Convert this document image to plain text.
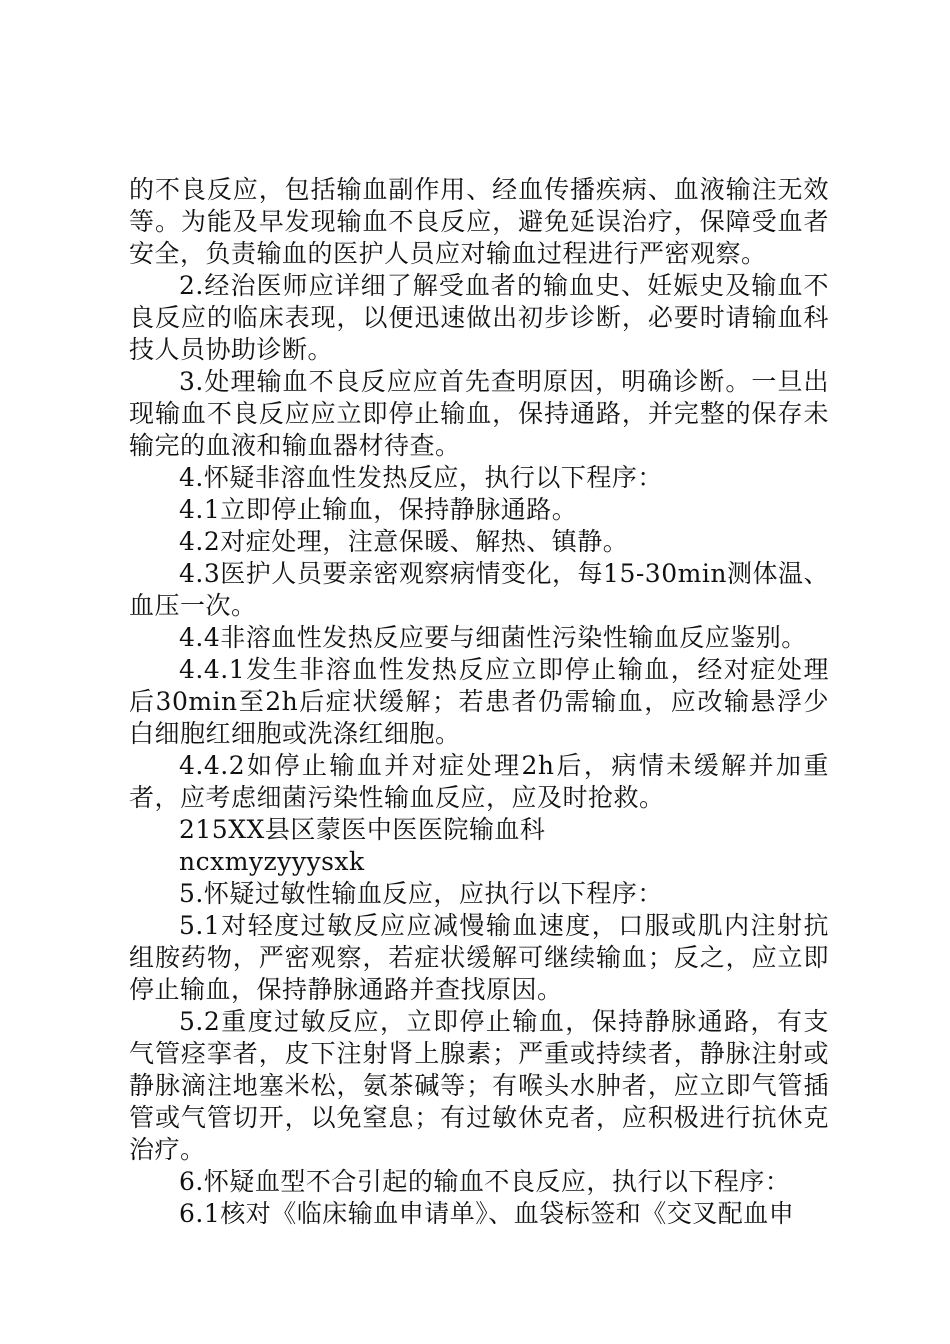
的不良反应，包括输血副作用、经血传播疾病、血液输注无效等。为能及早发现输血不良反应，避免延误治疗，保障受血者安全，负责输血的医护人员应对输血过程进行严密观察。

2.经治医师应详细了解受血者的输血史、妊娠史及输血不良反应的临床表现，以便迅速做出初步诊断，必要时请输血科技人员协助诊断。

3.处理输血不良反应应首先查明原因，明确诊断。一旦出现输血不良反应应立即停止输血，保持通路，并完整的保存未输完的血液和输血器材待查。

4.怀疑非溶血性发热反应，执行以下程序：

4.1立即停止输血，保持静脉通路。

4.2对症处理，注意保暖、解热、镇静。

4.3医护人员要亲密观察病情变化，每15-30min测体温、血压一次。

4.4非溶血性发热反应要与细菌性污染性输血反应鉴别。

4.4.1发生非溶血性发热反应立即停止输血，经对症处理后30min至2h后症状缓解；若患者仍需输血，应改输悬浮少白细胞红细胞或洗涤红细胞。

4.4.2如停止输血并对症处理2h后，病情未缓解并加重者，应考虑细菌污染性输血反应，应及时抢救。

215XX县区蒙医中医医院输血科

ncxmyzyyysxk

5.怀疑过敏性输血反应，应执行以下程序：

5.1对轻度过敏反应应减慢输血速度，口服或肌内注射抗组胺药物，严密观察，若症状缓解可继续输血；反之，应立即停止输血，保持静脉通路并查找原因。

5.2重度过敏反应，立即停止输血，保持静脉通路，有支气管痉挛者，皮下注射肾上腺素；严重或持续者，静脉注射或静脉滴注地塞米松，氨茶碱等；有喉头水肿者，应立即气管插管或气管切开，以免窒息；有过敏休克者，应积极进行抗休克治疗。

6.怀疑血型不合引起的输血不良反应，执行以下程序：

6.1核对《临床输血申请单》、血袋标签和《交叉配血申
